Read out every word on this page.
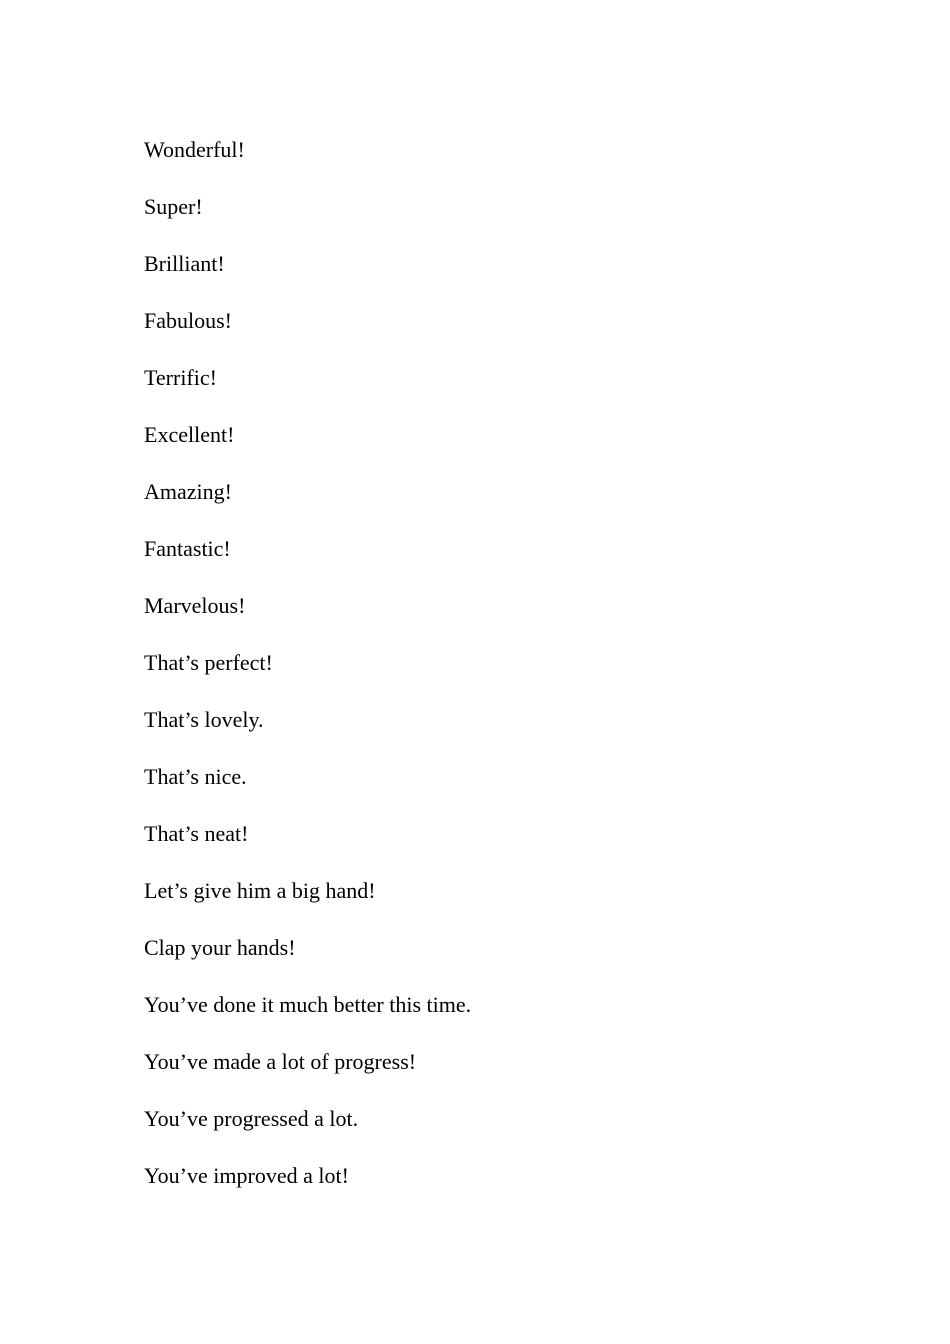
Wonderful!
Super!
Brilliant!
Fabulous!
Terrific!
Excellent!
Amazing!
Fantastic!
Marvelous!
That’s perfect!
That’s lovely.
That’s nice.
That’s neat!
Let’s give him a big hand!
Clap your hands!
You’ve done it much better this time.
You’ve made a lot of progress!
You’ve progressed a lot.
You’ve improved a lot!
